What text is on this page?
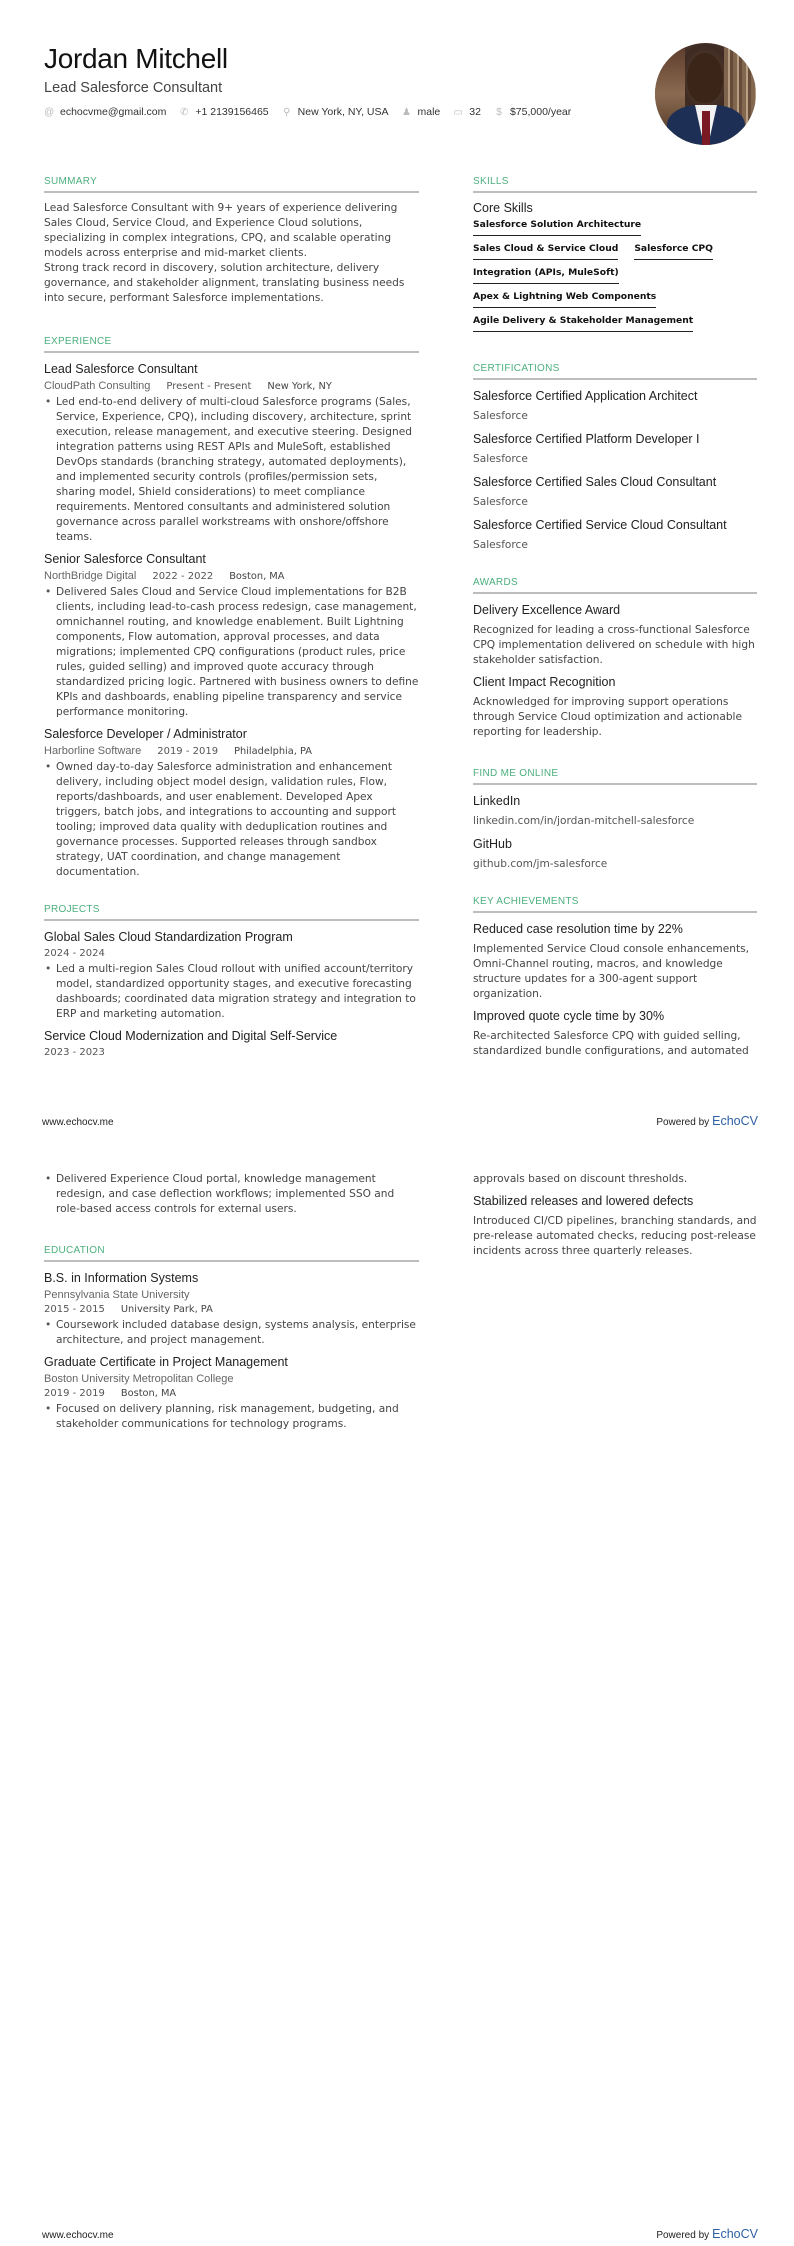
Jordan Mitchell
Lead Salesforce Consultant
@ echocvme@gmail.com ✆ +1 2139156465 ⚲ New York, NY, USA ♟ male ▭ 32 $ $75,000/year
SUMMARY

Lead Salesforce Consultant with 9+ years of experience delivering Sales Cloud, Service Cloud, and Experience Cloud solutions, specializing in complex integrations, CPQ, and scalable operating models across enterprise and mid-market clients.

Strong track record in discovery, solution architecture, delivery governance, and stakeholder alignment, translating business needs into secure, performant Salesforce implementations.

EXPERIENCE
Lead Salesforce Consultant
CloudPath Consulting Present - Present New York, NY
• Led end-to-end delivery of multi-cloud Salesforce programs (Sales, Service, Experience, CPQ), including discovery, architecture, sprint execution, release management, and executive steering. Designed integration patterns using REST APIs and MuleSoft, established DevOps standards (branching strategy, automated deployments), and implemented security controls (profiles/permission sets, sharing model, Shield considerations) to meet compliance requirements. Mentored consultants and administered solution governance across parallel workstreams with onshore/offshore teams.
Senior Salesforce Consultant
NorthBridge Digital 2022 - 2022 Boston, MA
• Delivered Sales Cloud and Service Cloud implementations for B2B clients, including lead-to-cash process redesign, case management, omnichannel routing, and knowledge enablement. Built Lightning components, Flow automation, approval processes, and data migrations; implemented CPQ configurations (product rules, price rules, guided selling) and improved quote accuracy through standardized pricing logic. Partnered with business owners to define KPIs and dashboards, enabling pipeline transparency and service performance monitoring.
Salesforce Developer / Administrator
Harborline Software 2019 - 2019 Philadelphia, PA
• Owned day-to-day Salesforce administration and enhancement delivery, including object model design, validation rules, Flow, reports/dashboards, and user enablement. Developed Apex triggers, batch jobs, and integrations to accounting and support tooling; improved data quality with deduplication routines and governance processes. Supported releases through sandbox strategy, UAT coordination, and change management documentation.
PROJECTS
Global Sales Cloud Standardization Program
2024 - 2024
• Led a multi-region Sales Cloud rollout with unified account/territory model, standardized opportunity stages, and executive forecasting dashboards; coordinated data migration strategy and integration to ERP and marketing automation.
Service Cloud Modernization and Digital Self-Service
2023 - 2023
SKILLS
Core Skills
Salesforce Solution Architecture
Sales Cloud & Service Cloud Salesforce CPQ
Integration (APIs, MuleSoft)
Apex & Lightning Web Components
Agile Delivery & Stakeholder Management
CERTIFICATIONS
Salesforce Certified Application Architect
Salesforce
Salesforce Certified Platform Developer I
Salesforce
Salesforce Certified Sales Cloud Consultant
Salesforce
Salesforce Certified Service Cloud Consultant
Salesforce
AWARDS
Delivery Excellence Award

Recognized for leading a cross-functional Salesforce CPQ implementation delivered on schedule with high stakeholder satisfaction.

Client Impact Recognition

Acknowledged for improving support operations through Service Cloud optimization and actionable reporting for leadership.

FIND ME ONLINE
LinkedIn
linkedin.com/in/jordan-mitchell-salesforce
GitHub
github.com/jm-salesforce
KEY ACHIEVEMENTS
Reduced case resolution time by 22%

Implemented Service Cloud console enhancements, Omni-Channel routing, macros, and knowledge structure updates for a 300-agent support organization.

Improved quote cycle time by 30%

Re-architected Salesforce CPQ with guided selling, standardized bundle configurations, and automated

www.echocv.me	Powered by EchoCV
• Delivered Experience Cloud portal, knowledge management redesign, and case deflection workflows; implemented SSO and role-based access controls for external users.
EDUCATION
B.S. in Information Systems
Pennsylvania State University
2015 - 2015 University Park, PA
• Coursework included database design, systems analysis, enterprise architecture, and project management.
Graduate Certificate in Project Management
Boston University Metropolitan College
2019 - 2019 Boston, MA
• Focused on delivery planning, risk management, budgeting, and stakeholder communications for technology programs.

approvals based on discount thresholds.

Stabilized releases and lowered defects

Introduced CI/CD pipelines, branching standards, and pre-release automated checks, reducing post-release incidents across three quarterly releases.

www.echocv.me	Powered by EchoCV
